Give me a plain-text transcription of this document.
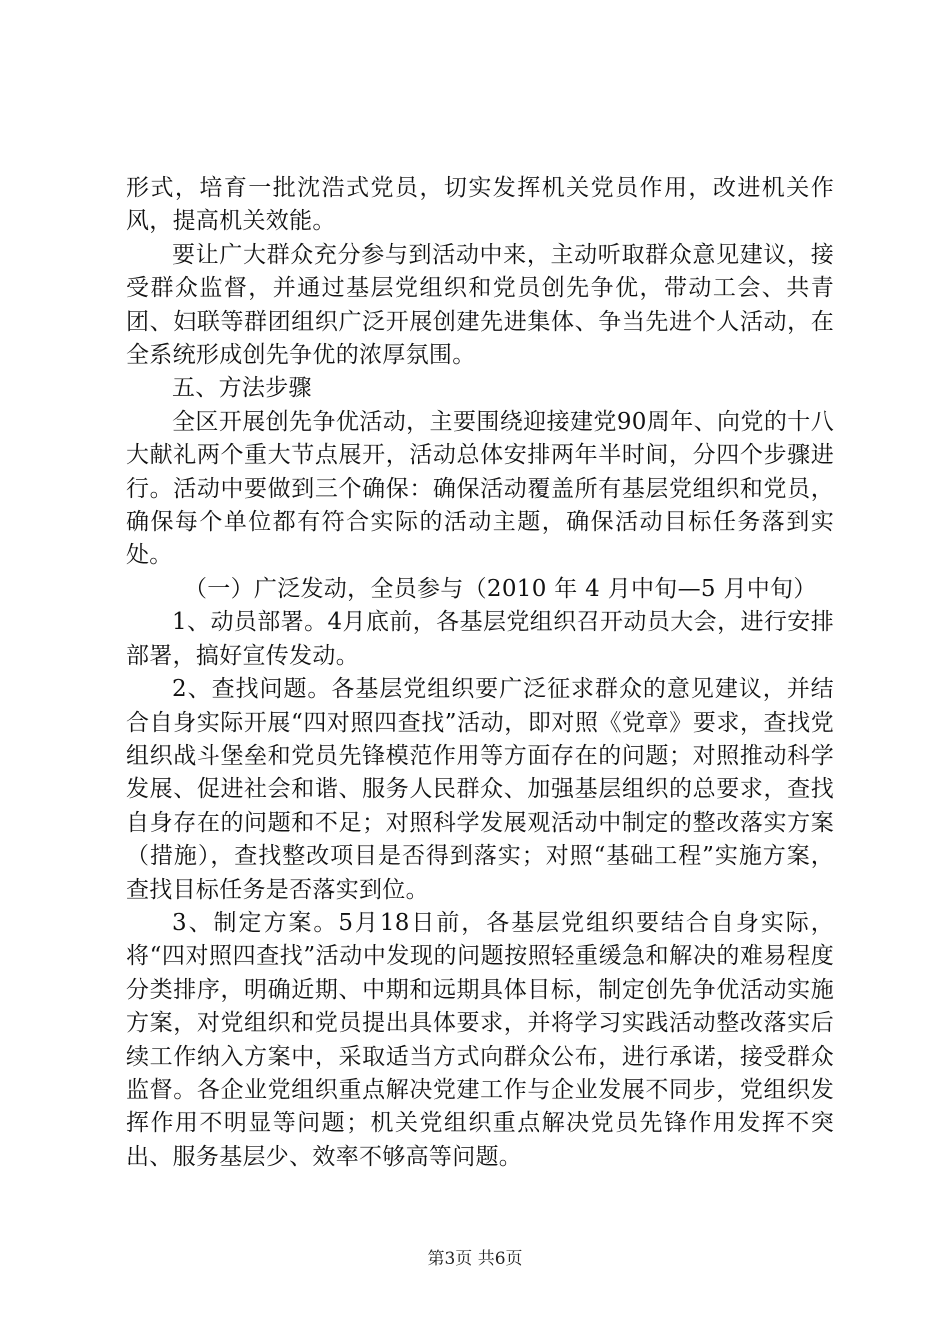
形式，培育一批沈浩式党员，切实发挥机关党员作用，改进机关作风，提高机关效能。

要让广大群众充分参与到活动中来，主动听取群众意见建议，接受群众监督，并通过基层党组织和党员创先争优，带动工会、共青团、妇联等群团组织广泛开展创建先进集体、争当先进个人活动，在全系统形成创先争优的浓厚氛围。

五、方法步骤

全区开展创先争优活动，主要围绕迎接建党90周年、向党的十八大献礼两个重大节点展开，活动总体安排两年半时间，分四个步骤进行。活动中要做到三个确保：确保活动覆盖所有基层党组织和党员，确保每个单位都有符合实际的活动主题，确保活动目标任务落到实处。

（一）广泛发动，全员参与（2010 年 4 月中旬—5 月中旬）

1、动员部署。4月底前，各基层党组织召开动员大会，进行安排部署，搞好宣传发动。

2、查找问题。各基层党组织要广泛征求群众的意见建议，并结合自身实际开展“四对照四查找”活动，即对照《党章》要求，查找党组织战斗堡垒和党员先锋模范作用等方面存在的问题；对照推动科学发展、促进社会和谐、服务人民群众、加强基层组织的总要求，查找自身存在的问题和不足；对照科学发展观活动中制定的整改落实方案（措施），查找整改项目是否得到落实；对照“基础工程”实施方案，查找目标任务是否落实到位。

3、制定方案。5月18日前，各基层党组织要结合自身实际，将“四对照四查找”活动中发现的问题按照轻重缓急和解决的难易程度分类排序，明确近期、中期和远期具体目标，制定创先争优活动实施方案，对党组织和党员提出具体要求，并将学习实践活动整改落实后续工作纳入方案中，采取适当方式向群众公布，进行承诺，接受群众监督。各企业党组织重点解决党建工作与企业发展不同步，党组织发挥作用不明显等问题；机关党组织重点解决党员先锋作用发挥不突出、服务基层少、效率不够高等问题。

第3页 共6页
